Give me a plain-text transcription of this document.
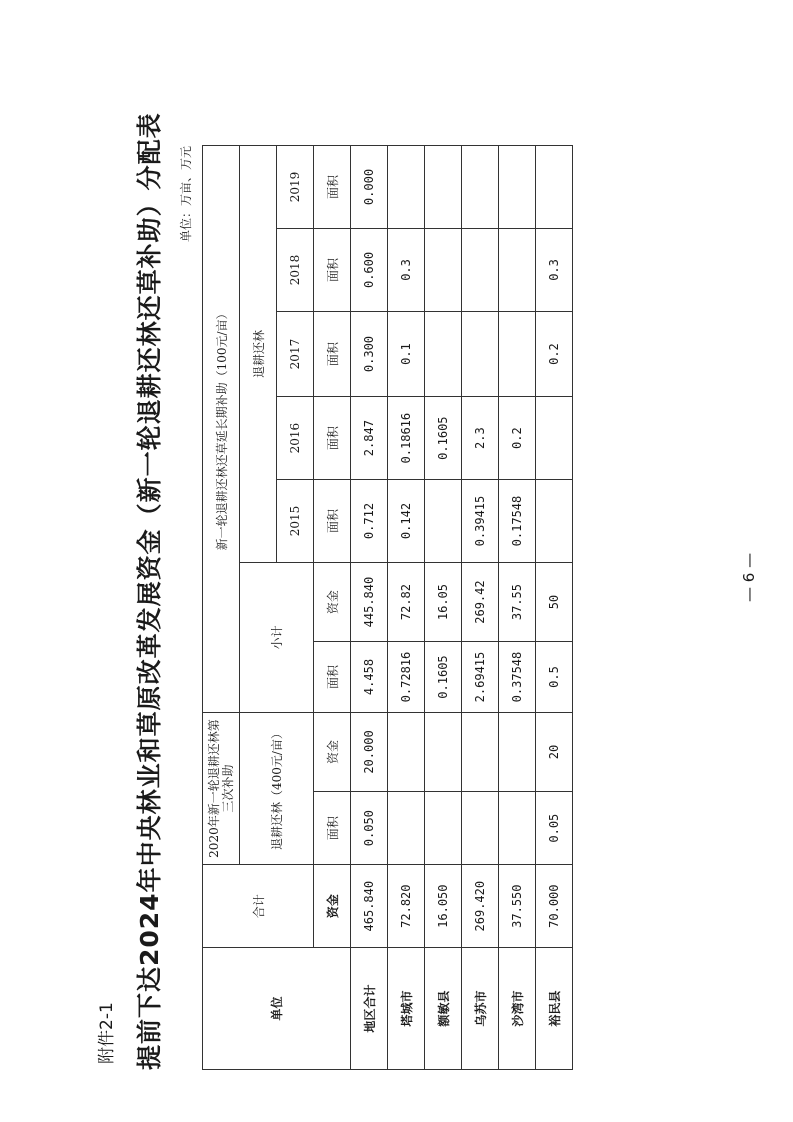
附件2-1 提前下达2024年中央林业和草原改革发展资金（新一轮退耕还林还草补助）分配表 单位：万亩、万元
单位	合计	2020年新一轮退耕还林第三次补助		新一轮退耕还林还草延长期补助（100元/亩）						
		退耕还林（400元/亩）		小计		退耕还林				
						2015	2016	2017	2018	2019
	资金	面积	资金	面积	资金	面积	面积	面积	面积	面积
地区合计	465.840	0.050	20.000	4.458	445.840	0.712	2.847	0.300	0.600	0.000
塔城市	72.820			0.72816	72.82	0.142	0.18616	0.1	0.3	
额敏县	16.050			0.1605	16.05		0.1605			
乌苏市	269.420			2.69415	269.42	0.39415	2.3			
沙湾市	37.550			0.37548	37.55	0.17548	0.2			
裕民县	70.000	0.05	20	0.5	50			0.2	0.3	
— 6 —
